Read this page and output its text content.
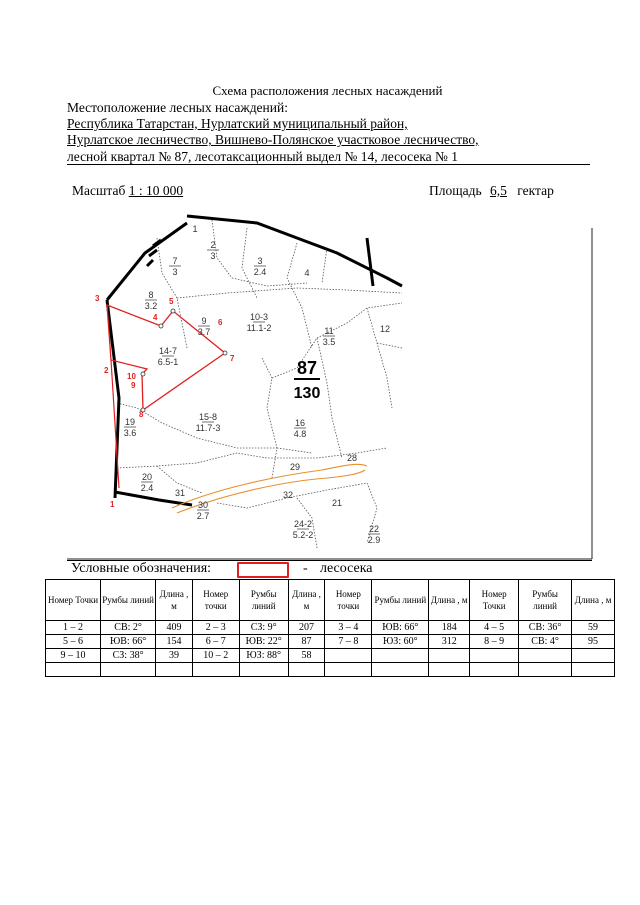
Схема расположения лесных насаждений
Местоположение лесных насаждений:
Республика Татарстан, Нурлатский муниципальный район,
Нурлатское лесничество, Вишнево-Полянское участковое лесничество,
лесной квартал № 87, лесотаксационный выдел № 14, лесосека № 1
Масштаб 1 : 10 000	Площадь 6,5 гектар
1
7
3
2
3	3
2.4	4
8
3.2
9
3.7
10-3
11.1-2	11
3.5
12
14-7
6.5-1
15-8
11.7-3	16
4.8
19
3.6
20
2.4
29
28
31
30
2.7
32
21
24-2
5.2-2
22
2.9
1
2
3
4
5
6
7
8
9
10	87
130
Условные обозначения:	- лесосека
Номер Точки	Румбы линий	Длина , м	Номер точки	Румбы линий	Длина , м	Номер точки	Румбы линий	Длина , м	Номер Точки	Румбы линий	Длина , м
1 – 2	СВ: 2°	409	2 – 3	СЗ: 9°	207	3 – 4	ЮВ: 66°	184	4 – 5	СВ: 36°	59
5 – 6	ЮВ: 66°	154	6 – 7	ЮВ: 22°	87	7 – 8	ЮЗ: 60°	312	8 – 9	СВ: 4°	95
9 – 10	СЗ: 38°	39	10 – 2	ЮЗ: 88°	58						
